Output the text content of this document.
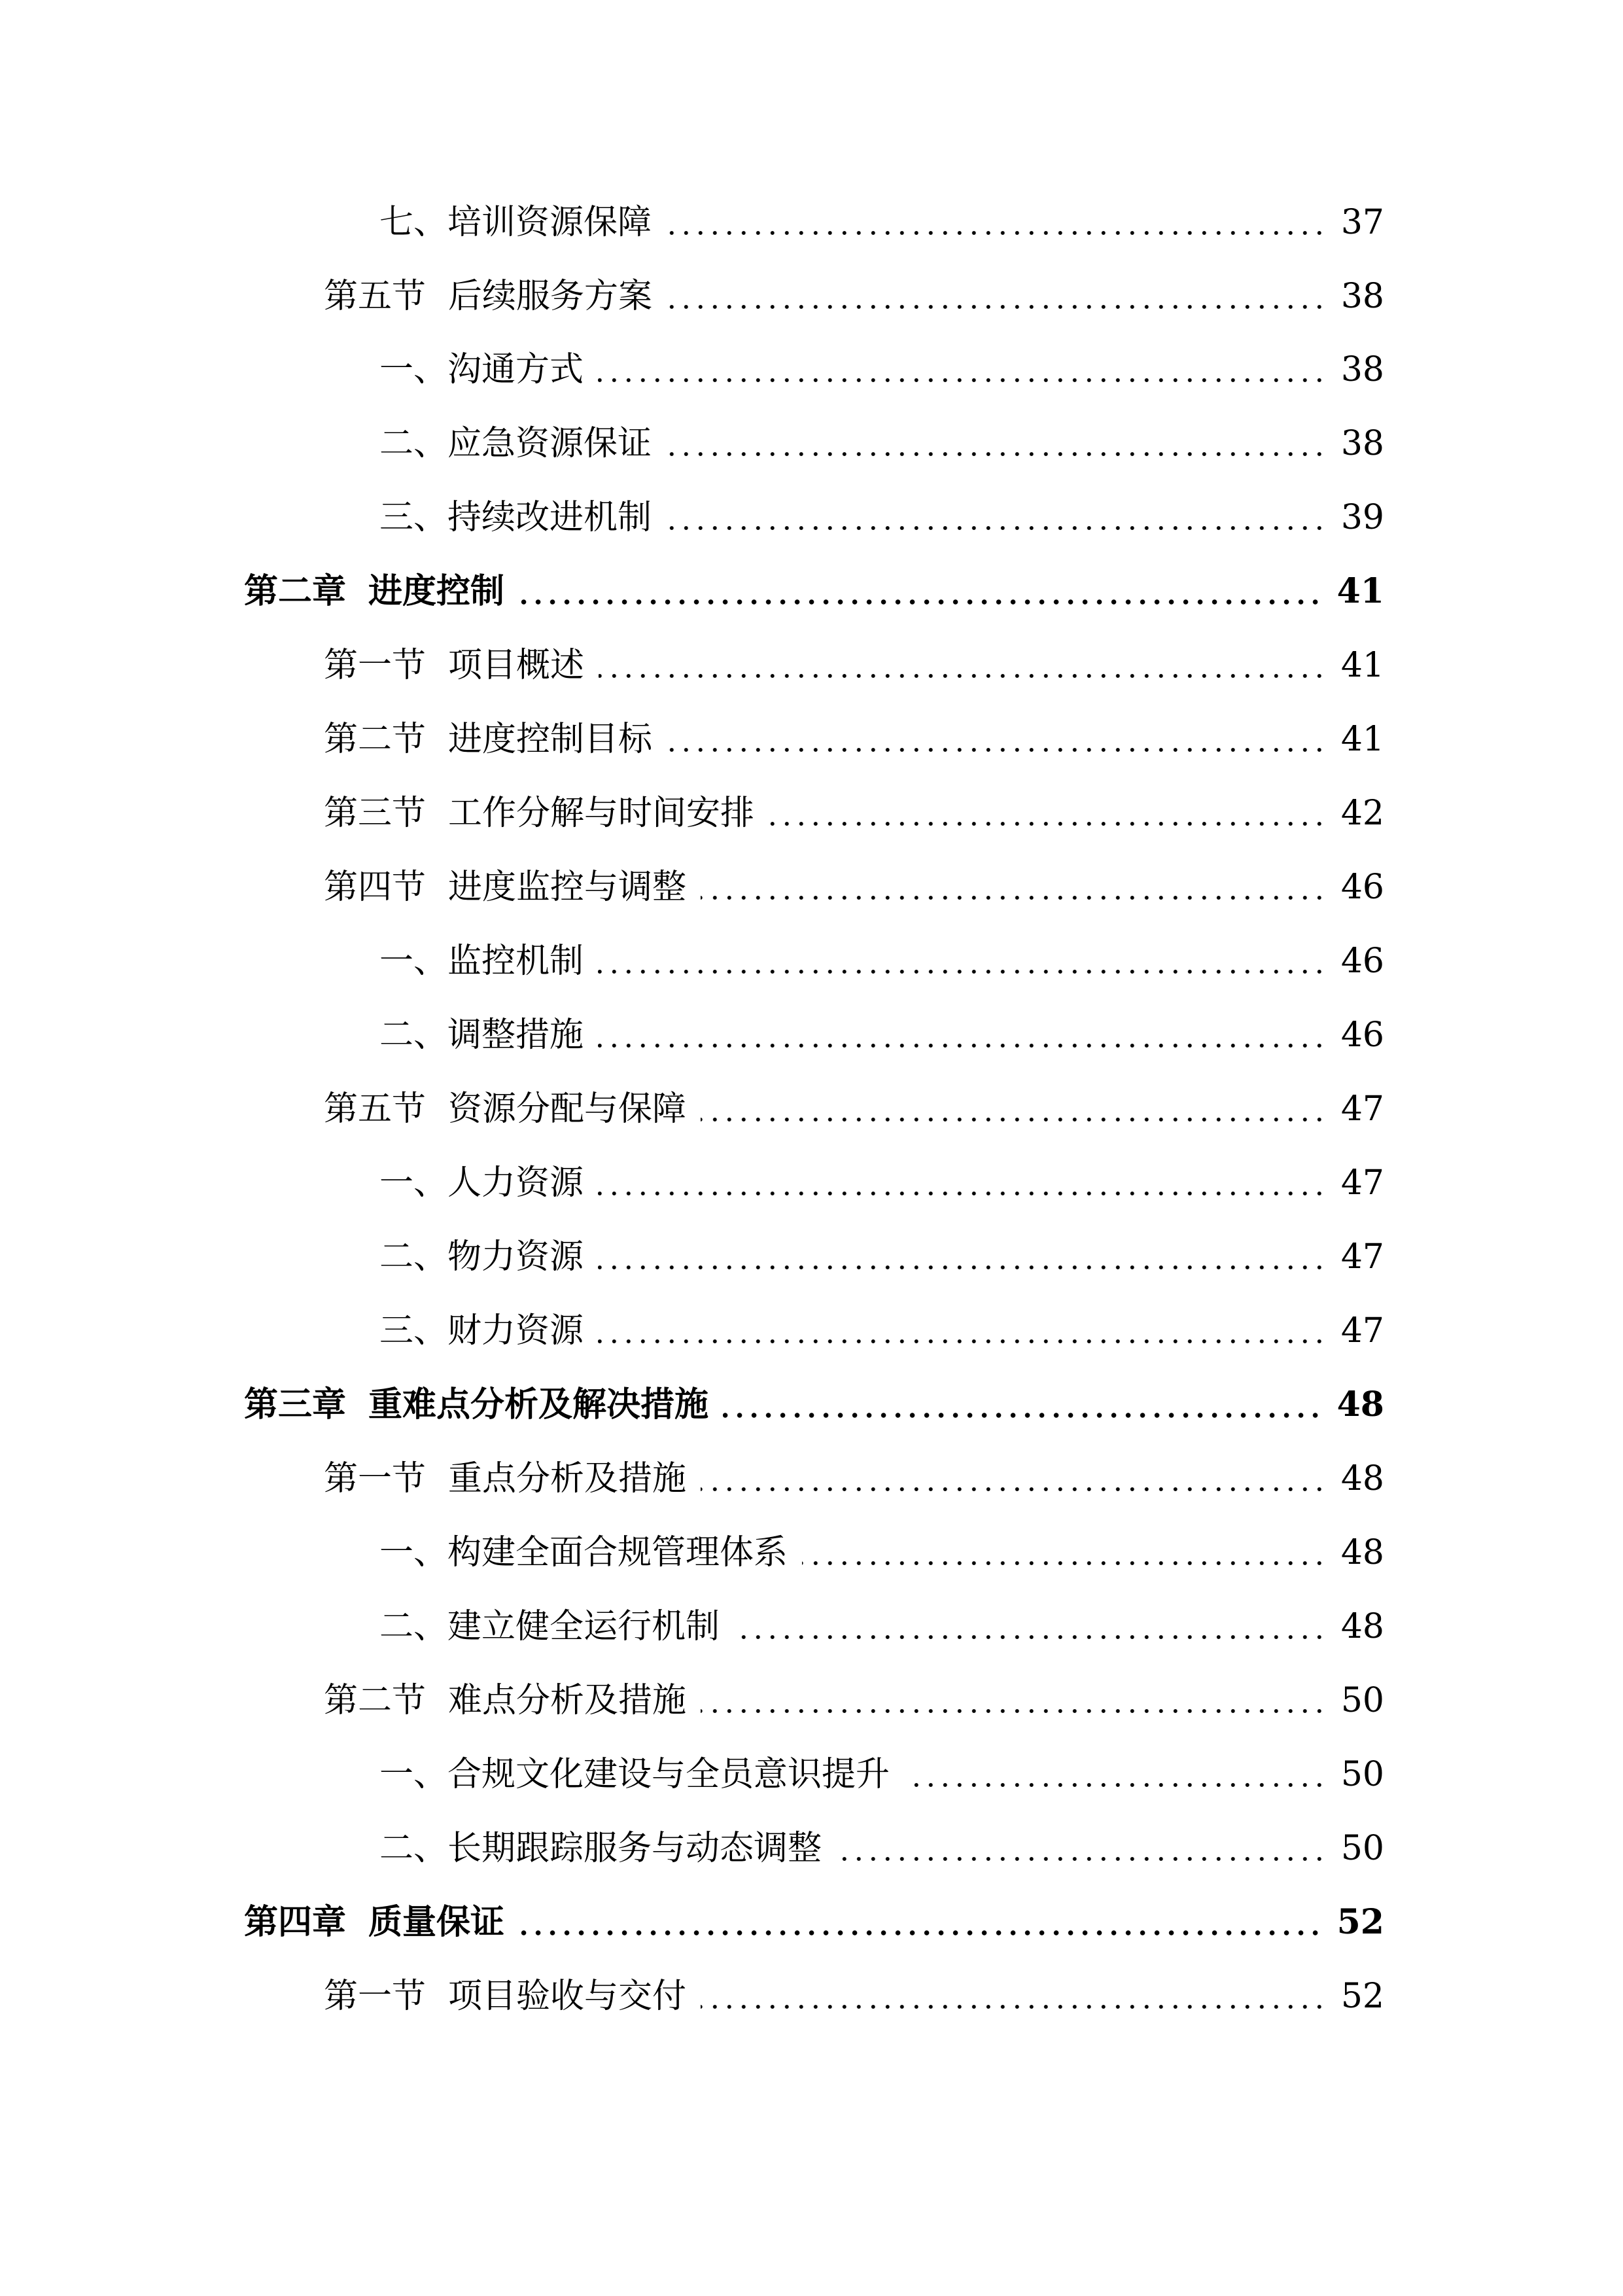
七、 培训资源保障	37
第五节 后续服务方案	38
一、 沟通方式	38
二、 应急资源保证	38
三、 持续改进机制	39
第二章 进度控制	41
第一节 项目概述	41
第二节 进度控制目标	41
第三节 工作分解与时间安排	42
第四节 进度监控与调整	46
一、 监控机制	46
二、 调整措施	46
第五节 资源分配与保障	47
一、 人力资源	47
二、 物力资源	47
三、 财力资源	47
第三章 重难点分析及解决措施	48
第一节 重点分析及措施	48
一、 构建全面合规管理体系	48
二、 建立健全运行机制	48
第二节 难点分析及措施	50
一、 合规文化建设与全员意识提升	50
二、 长期跟踪服务与动态调整	50
第四章 质量保证	52
第一节 项目验收与交付	52
